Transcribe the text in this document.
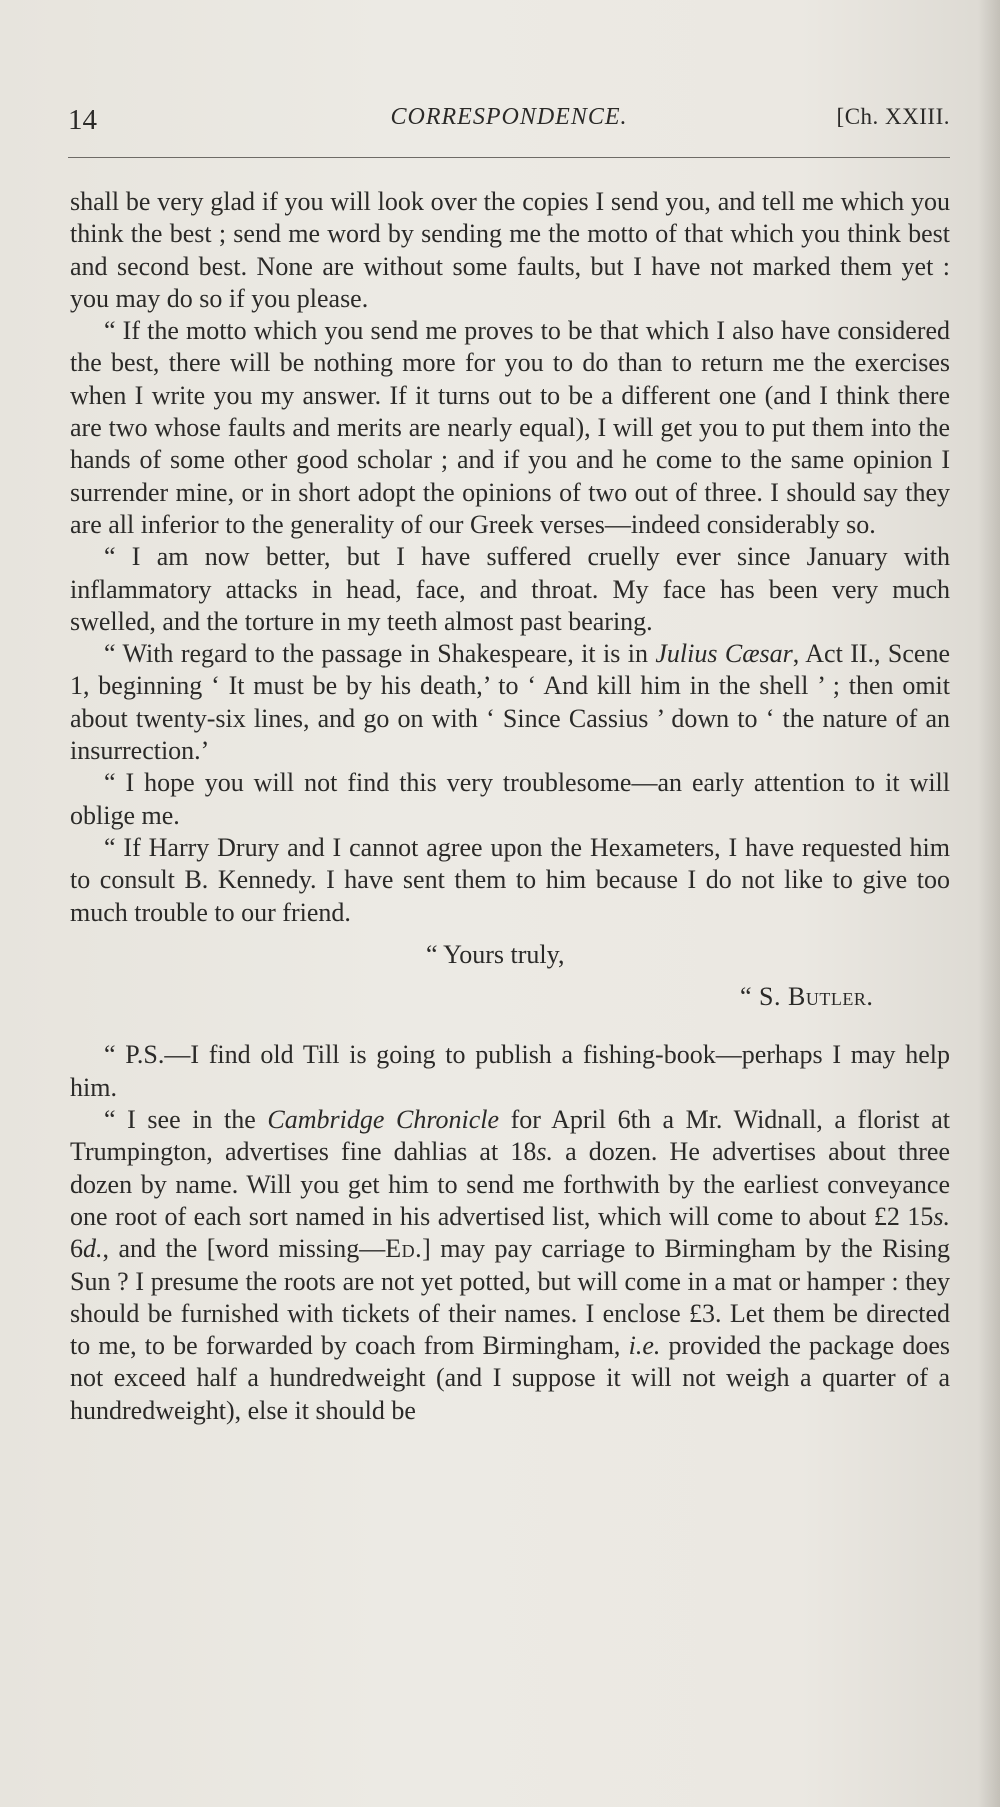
14	CORRESPONDENCE.	[Ch. XXIII.

shall be very glad if you will look over the copies I send you, and tell me which you think the best ; send me word by sending me the motto of that which you think best and second best. None are without some faults, but I have not marked them yet : you may do so if you please.

“ If the motto which you send me proves to be that which I also have considered the best, there will be nothing more for you to do than to return me the exercises when I write you my answer. If it turns out to be a different one (and I think there are two whose faults and merits are nearly equal), I will get you to put them into the hands of some other good scholar ; and if you and he come to the same opinion I surrender mine, or in short adopt the opinions of two out of three. I should say they are all inferior to the generality of our Greek verses—indeed considerably so.

“ I am now better, but I have suffered cruelly ever since January with inflammatory attacks in head, face, and throat. My face has been very much swelled, and the torture in my teeth almost past bearing.

“ With regard to the passage in Shakespeare, it is in Julius Cæsar, Act II., Scene 1, beginning ‘ It must be by his death,’ to ‘ And kill him in the shell ’ ; then omit about twenty-six lines, and go on with ‘ Since Cassius ’ down to ‘ the nature of an insurrection.’

“ I hope you will not find this very troublesome—an early attention to it will oblige me.

“ If Harry Drury and I cannot agree upon the Hexameters, I have requested him to consult B. Kennedy. I have sent them to him because I do not like to give too much trouble to our friend.

“ Yours truly,

“ S. Butler.

“ P.S.—I find old Till is going to publish a fishing-book—perhaps I may help him.

“ I see in the Cambridge Chronicle for April 6th a Mr. Widnall, a florist at Trumpington, advertises fine dahlias at 18s. a dozen. He advertises about three dozen by name. Will you get him to send me forthwith by the earliest conveyance one root of each sort named in his advertised list, which will come to about £2 15s. 6d., and the [word missing—Ed.] may pay carriage to Birmingham by the Rising Sun ? I presume the roots are not yet potted, but will come in a mat or hamper : they should be furnished with tickets of their names. I enclose £3. Let them be directed to me, to be forwarded by coach from Birmingham, i.e. provided the package does not exceed half a hundredweight (and I suppose it will not weigh a quarter of a hundredweight), else it should be
